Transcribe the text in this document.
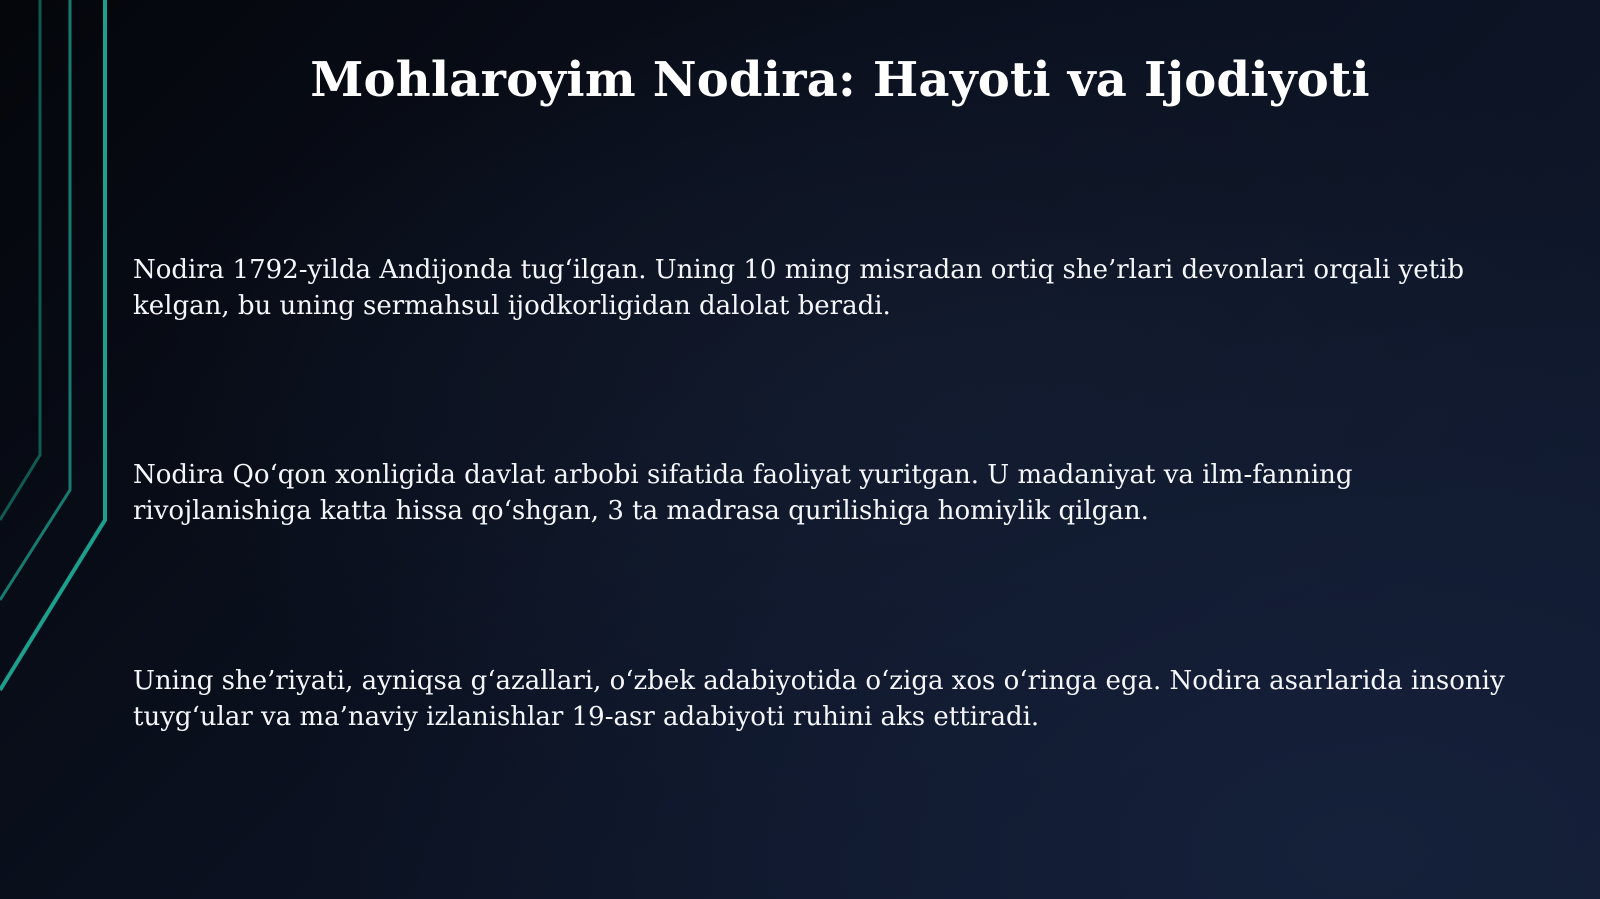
Mohlaroyim Nodira: Hayoti va Ijodiyoti

Nodira 1792-yilda Andijonda tug‘ilgan. Uning 10 ming misradan ortiq she’rlari devonlari orqali yetib kelgan, bu uning sermahsul ijodkorligidan dalolat beradi.

Nodira Qo‘qon xonligida davlat arbobi sifatida faoliyat yuritgan. U madaniyat va ilm-fanning rivojlanishiga katta hissa qo‘shgan, 3 ta madrasa qurilishiga homiylik qilgan.

Uning she’riyati, ayniqsa g‘azallari, o‘zbek adabiyotida o‘ziga xos o‘ringa ega. Nodira asarlarida insoniy tuyg‘ular va ma’naviy izlanishlar 19-asr adabiyoti ruhini aks ettiradi.
